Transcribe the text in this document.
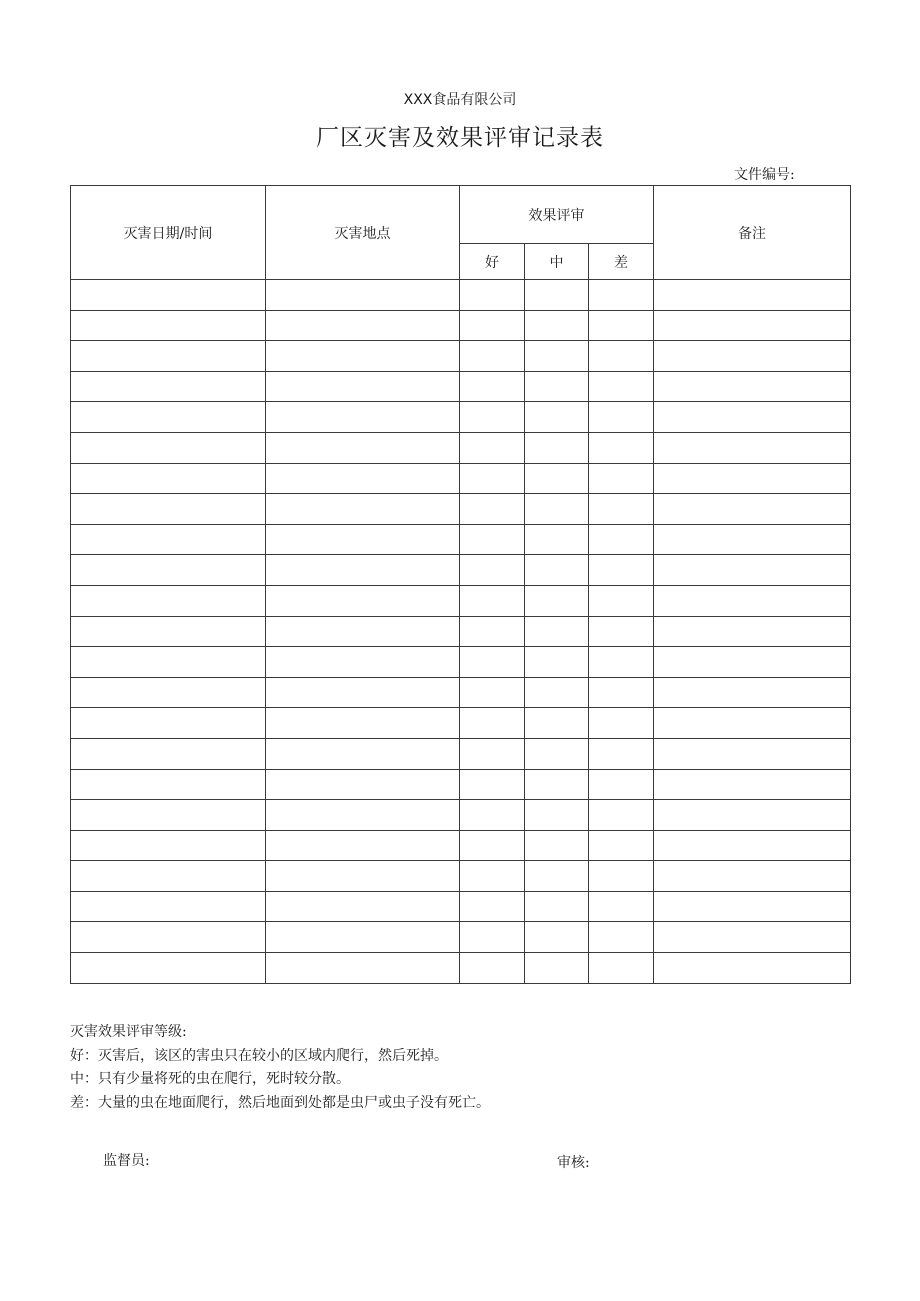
XXX食品有限公司
厂区灭害及效果评审记录表
文件编号:
灭害日期/时间	灭害地点	效果评审			备注
		好	中	差	

灭害效果评审等级:
好：灭害后，该区的害虫只在较小的区域内爬行，然后死掉。
中：只有少量将死的虫在爬行，死时较分散。
差：大量的虫在地面爬行，然后地面到处都是虫尸或虫子没有死亡。
监督员:	审核:
